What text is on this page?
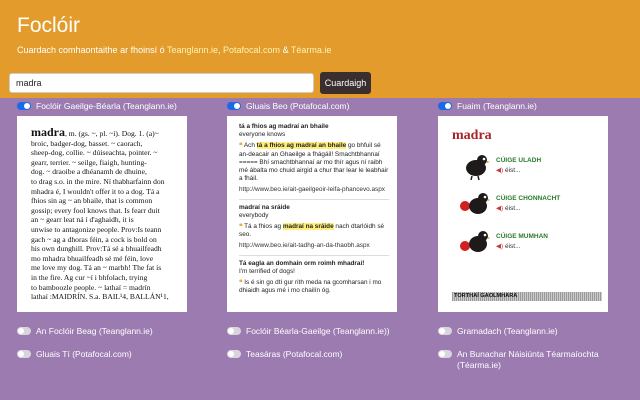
Foclóir
Cuardach comhaontaithe ar fhoinsí ó Teanglann.ie, Potafocal.com & Téarma.ie
madra
Cuardaigh
Foclóir Gaeilge-Béarla (Teanglann.ie)	Gluais Beo (Potafocal.com)	Fuaim (Teanglann.ie)

madra, m. (gs. ~, pl. ~í). Dog. 1. (a)~

broic, badger-dog, basset. ~ caorach,

sheep-dog, collie. ~ dúiseachta, pointer. ~

gearr, terrier. ~ seilge, fiaigh, hunting-

dog. ~ draoibe a dhéanamh de dhuine,

to drag s.o. in the mire. Ní thabharfainn don

mhadra é, I wouldn't offer it to a dog. Tá a

fhios sin ag ~ an bhaile, that is common

gossip; every fool knows that. Is fearr duit

an ~ gearr leat ná í d'aghaidh, it is

unwise to antagonize people. Prov:Is teann

gach ~ ag a dhoras féin, a cock is bold on

his own dunghill. Prov:Tá sé a bhuailfeadh

mo mhadra bhuailfeadh sé mé féin, love

me love my dog. Tá an ~ marbh! The fat is

in the fire. Ag cur ~í i bhfolach, trying

to bamboozle people. ~ lathaí = madrín

lathaí :MAIDRÍN. S.a. BAIL¹4, BALLÁN¹1,

tá a fhios ag madraí an bhaile
everyone knows
❝ Ach tá a fhios ag madraí an bhaile go bhfuil sé an-deacair an Ghaeilge a fhágáil! Smachtbhannaí ===== Bhí smachtbhannaí ar mo thír agus ní raibh mé ábalta mo chuid airgid a chur thar lear le leabhair a fháil.
http://www.beo.ie/ait-gaeilgeoir-leifa-phancevo.aspx
madraí na sráide
everybody
❝ Tá a fhios ag madraí na sráide nach dtarlóidh sé seo.
http://www.beo.ie/ait-tadhg-an-da-thaobh.aspx
Tá eagla an domhain orm roimh mhadraí!
I'm terrified of dogs!
❝ Is é sin go dtí gur rith meda na gcomharsan i mo dhiaidh agus mé i mo chailín óg.
madra
CÚIGE ULADH
◀) éist...
CÚIGE CHONNACHT
◀) éist...
CÚIGE MUMHAN
◀) éist...
TORTHAÍ GAOLMHARA
An Foclóir Beag (Teanglann.ie)	Foclóir Béarla-Gaeilge (Teanglann.ie))	Gramadach (Teanglann.ie)
Gluais Tí (Potafocal.com)	Teasáras (Potafocal.com)	An Bunachar Náisiúnta Téarmaíochta (Téarma.ie)
